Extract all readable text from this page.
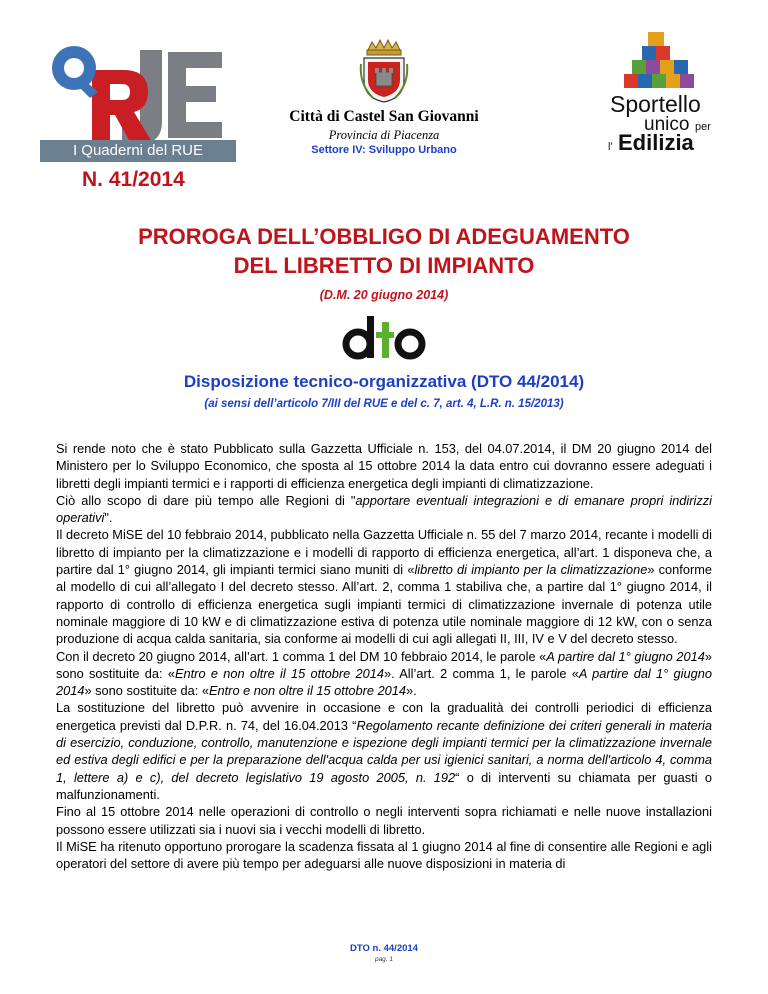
I Quaderni del RUE
Città di Castel San Giovanni
Provincia di Piacenza
Settore IV: Sviluppo Urbano
Sportello
unico per
l' Edilizia
N. 41/2014
PROROGA DELL’OBBLIGO DI ADEGUAMENTO
DEL LIBRETTO DI IMPIANTO
(D.M. 20 giugno 2014)
Disposizione tecnico-organizzativa (DTO 44/2014)
(ai sensi dell’articolo 7/III del RUE e del c. 7, art. 4, L.R. n. 15/2013)

Si rende noto che è stato Pubblicato sulla Gazzetta Ufficiale n. 153, del 04.07.2014, il DM 20 giugno 2014 del Ministero per lo Sviluppo Economico, che sposta al 15 ottobre 2014 la data entro cui dovranno essere adeguati i libretti degli impianti termici e i rapporti di efficienza energetica degli impianti di climatizzazione.

Ciò allo scopo di dare più tempo alle Regioni di "apportare eventuali integrazioni e di emanare propri indirizzi operativi".

Il decreto MiSE del 10 febbraio 2014, pubblicato nella Gazzetta Ufficiale n. 55 del 7 marzo 2014, recante i modelli di libretto di impianto per la climatizzazione e i modelli di rapporto di efficienza energetica, all’art. 1 disponeva che, a partire dal 1° giugno 2014, gli impianti termici siano muniti di «libretto di impianto per la climatizzazione» conforme al modello di cui all’allegato I del decreto stesso. All’art. 2, comma 1 stabiliva che, a partire dal 1° giugno 2014, il rapporto di controllo di efficienza energetica sugli impianti termici di climatizzazione invernale di potenza utile nominale maggiore di 10 kW e di climatizzazione estiva di potenza utile nominale maggiore di 12 kW, con o senza produzione di acqua calda sanitaria, sia conforme ai modelli di cui agli allegati II, III, IV e V del decreto stesso.

Con il decreto 20 giugno 2014, all’art. 1 comma 1 del DM 10 febbraio 2014, le parole «A partire dal 1° giugno 2014» sono sostituite da: «Entro e non oltre il 15 ottobre 2014». All’art. 2 comma 1, le parole «A partire dal 1° giugno 2014» sono sostituite da: «Entro e non oltre il 15 ottobre 2014».

La sostituzione del libretto può avvenire in occasione e con la gradualità dei controlli periodici di efficienza energetica previsti dal D.P.R. n. 74, del 16.04.2013 “Regolamento recante definizione dei criteri generali in materia di esercizio, conduzione, controllo, manutenzione e ispezione degli impianti termici per la climatizzazione invernale ed estiva degli edifici e per la preparazione dell'acqua calda per usi igienici sanitari, a norma dell'articolo 4, comma 1, lettere a) e c), del decreto legislativo 19 agosto 2005, n. 192“ o di interventi su chiamata per guasti o malfunzionamenti.

Fino al 15 ottobre 2014 nelle operazioni di controllo o negli interventi sopra richiamati e nelle nuove installazioni possono essere utilizzati sia i nuovi sia i vecchi modelli di libretto.

Il MiSE ha ritenuto opportuno prorogare la scadenza fissata al 1 giugno 2014 al fine di consentire alle Regioni e agli operatori del settore di avere più tempo per adeguarsi alle nuove disposizioni in materia di

DTO n. 44/2014
pag. 1
